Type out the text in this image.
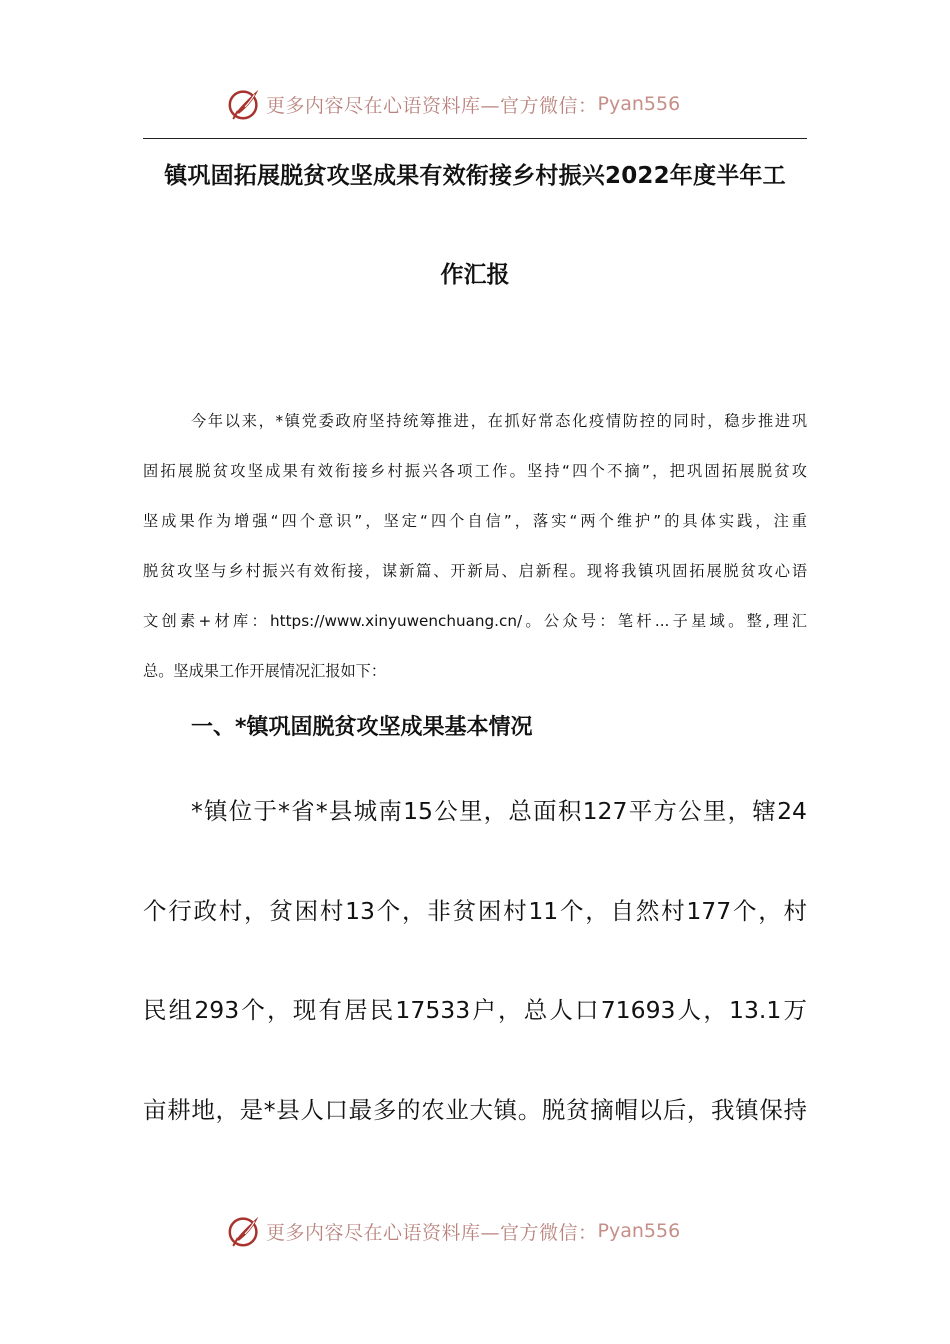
更多内容尽在心语资料库—官方微信： Pyan556
镇巩固拓展脱贫攻坚成果有效衔接乡村振兴2022年度半年工
作汇报
今年以来，*镇党委政府坚持统筹推进，在抓好常态化疫情防控的同时，稳步推进巩
固拓展脱贫攻坚成果有效衔接乡村振兴各项工作。坚持“四个不摘”，把巩固拓展脱贫攻
坚成果作为增强“四个意识”，坚定“四个自信”，落实“两个维护”的具体实践，注重
脱贫攻坚与乡村振兴有效衔接，谋新篇、开新局、启新程。现将我镇巩固拓展脱贫攻心语
文创素+材库：https://www.xinyuwenchuang.cn/。公众号：笔杆...子星域。整,理汇
总。坚成果工作开展情况汇报如下：
一、*镇巩固脱贫攻坚成果基本情况
*镇位于*省*县城南15公里，总面积127平方公里，辖24
个行政村，贫困村13个，非贫困村11个，自然村177个，村
民组293个，现有居民17533户，总人口71693人，13.1万
亩耕地，是*县人口最多的农业大镇。脱贫摘帽以后，我镇保持
更多内容尽在心语资料库—官方微信： Pyan556
